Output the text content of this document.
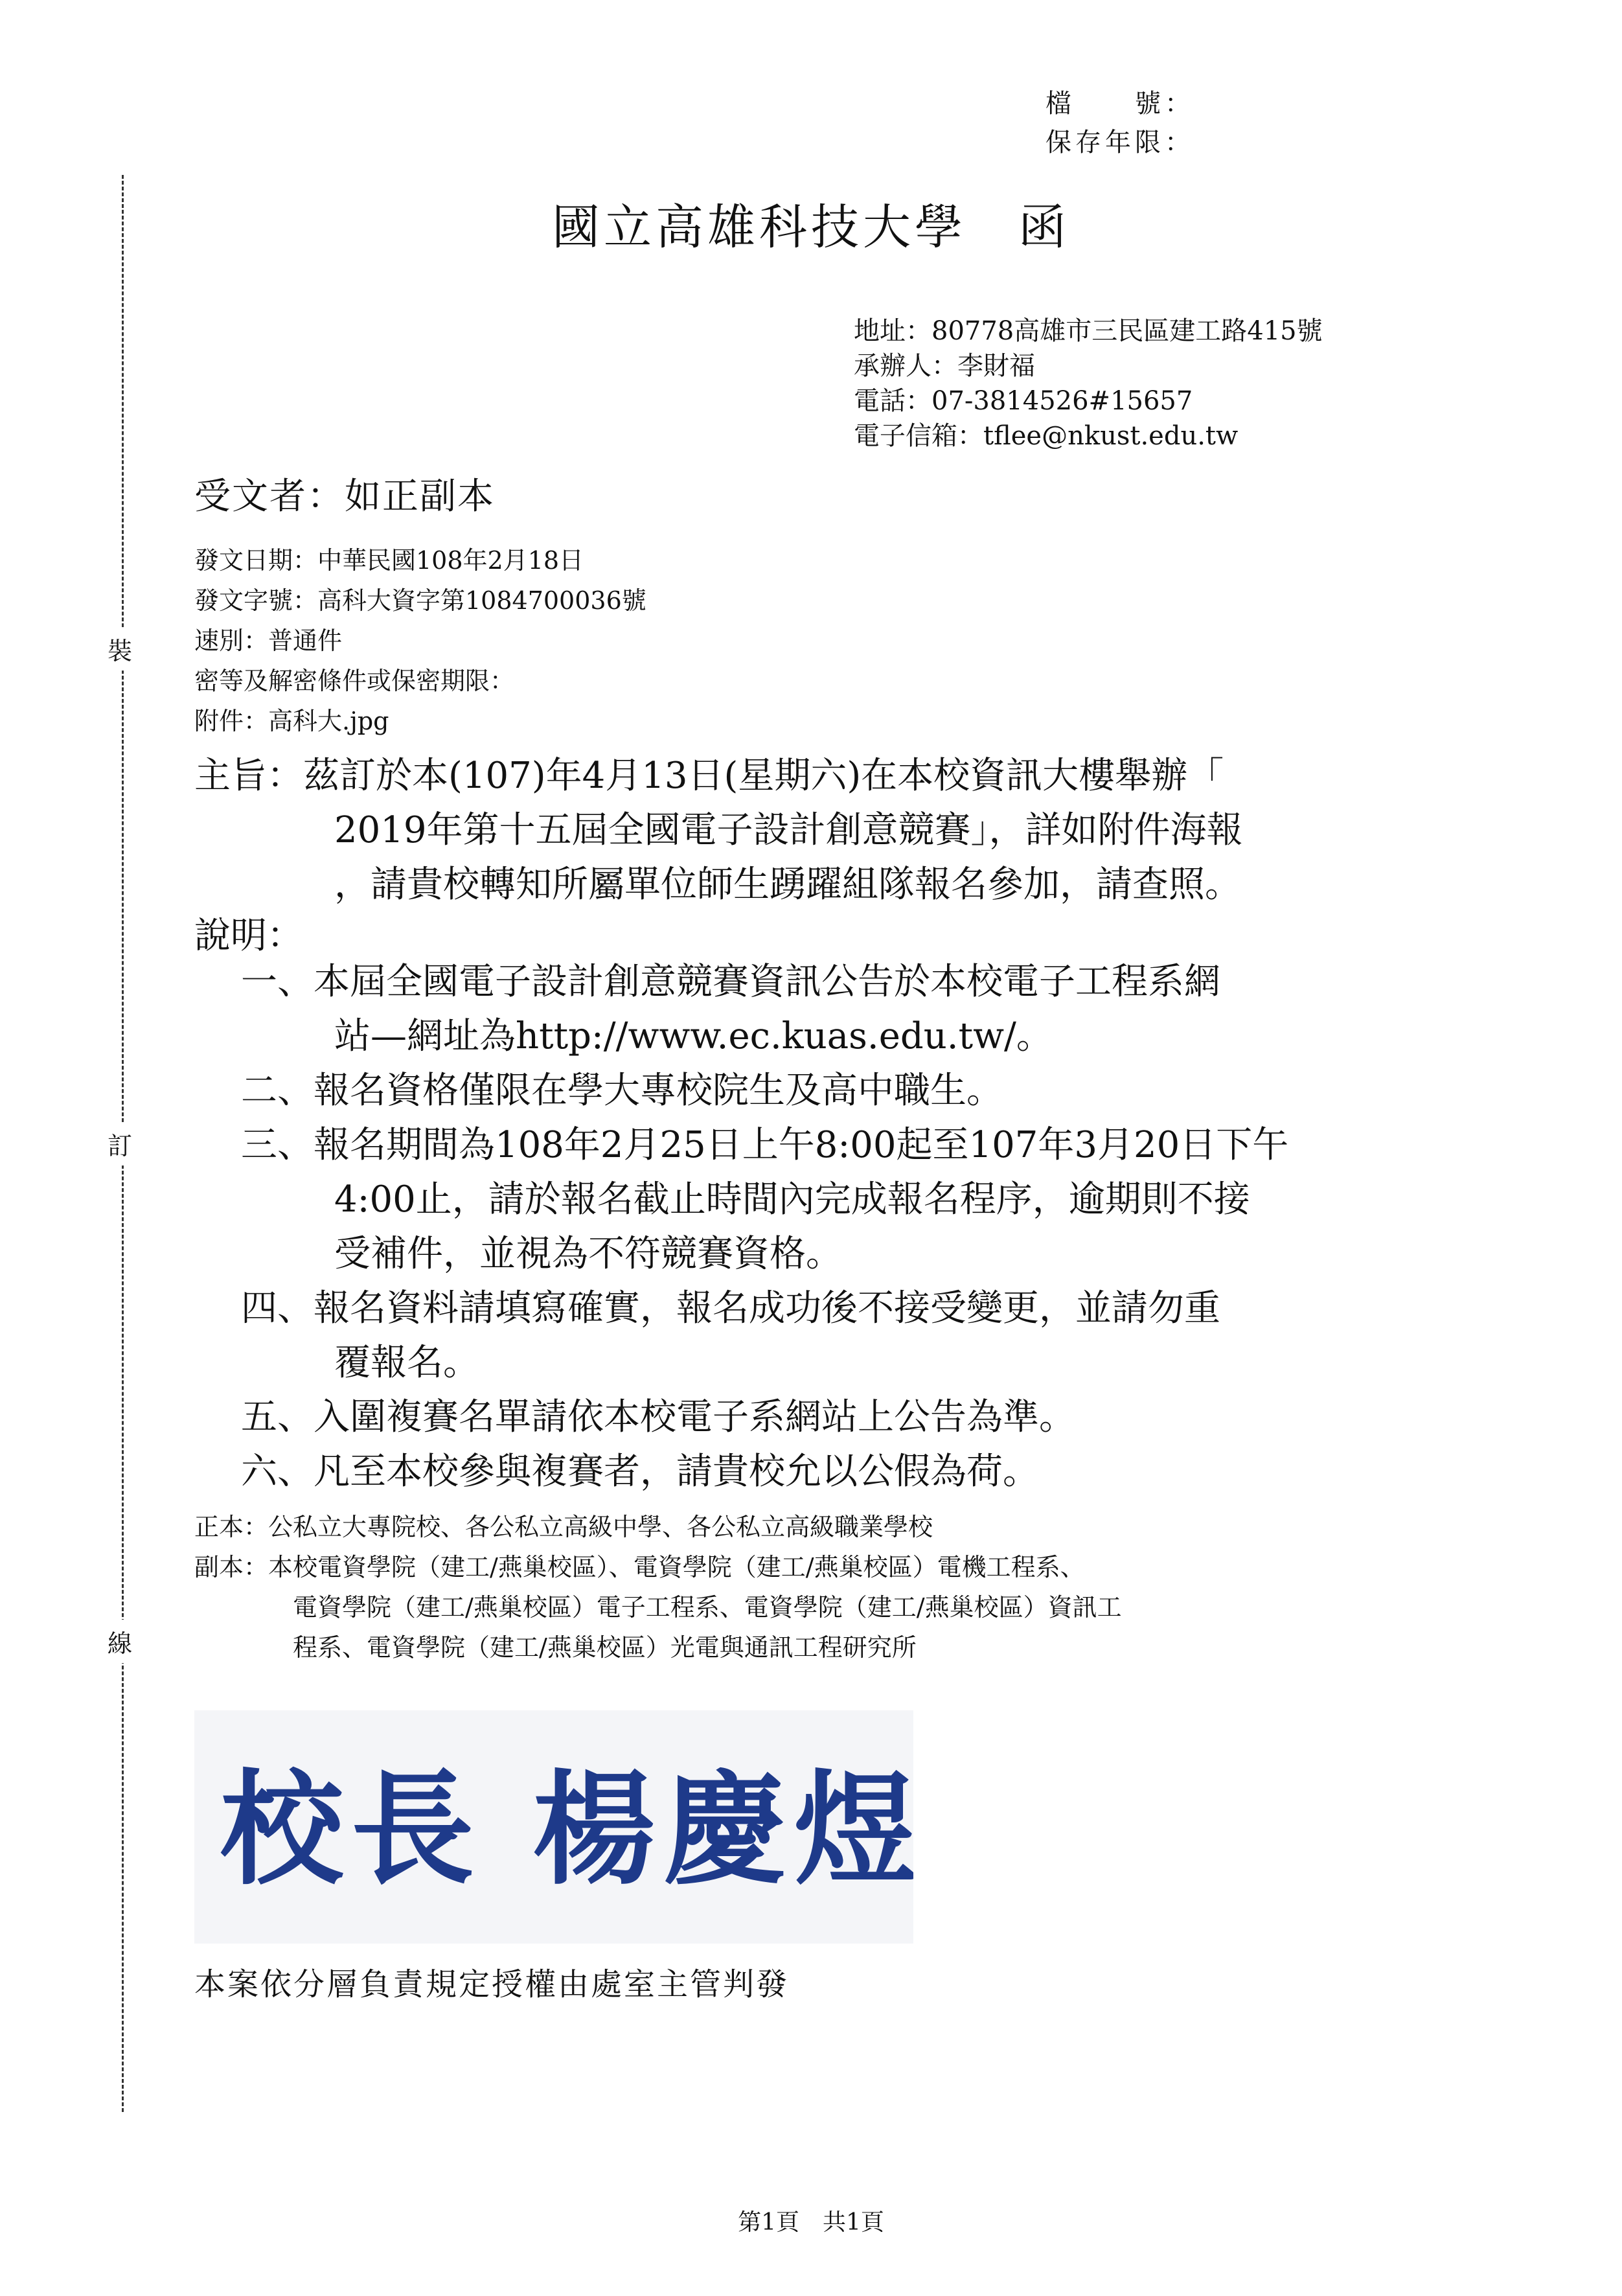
檔　　號：
保存年限：
裝
訂
線
國立高雄科技大學　函
地址：80778高雄市三民區建工路415號
承辦人：李財福
電話：07-3814526#15657
電子信箱：tflee@nkust.edu.tw
受文者：如正副本
發文日期：中華民國108年2月18日
發文字號：高科大資字第1084700036號
速別：普通件
密等及解密條件或保密期限：
附件：高科大.jpg
主旨：茲訂於本(107)年4月13日(星期六)在本校資訊大樓舉辦「
2019年第十五屆全國電子設計創意競賽」，詳如附件海報
，請貴校轉知所屬單位師生踴躍組隊報名參加，請查照。
說明：
一、本屆全國電子設計創意競賽資訊公告於本校電子工程系網
站—網址為http://www.ec.kuas.edu.tw/。
二、報名資格僅限在學大專校院生及高中職生。
三、報名期間為108年2月25日上午8:00起至107年3月20日下午
4:00止，請於報名截止時間內完成報名程序，逾期則不接
受補件，並視為不符競賽資格。
四、報名資料請填寫確實，報名成功後不接受變更，並請勿重
覆報名。
五、入圍複賽名單請依本校電子系網站上公告為準。
六、凡至本校參與複賽者，請貴校允以公假為荷。
正本：公私立大專院校、各公私立高級中學、各公私立高級職業學校
副本：本校電資學院（建工/燕巢校區）、電資學院（建工/燕巢校區）電機工程系、
電資學院（建工/燕巢校區）電子工程系、電資學院（建工/燕巢校區）資訊工
程系、電資學院（建工/燕巢校區）光電與通訊工程研究所
校長 楊慶煜
本案依分層負責規定授權由處室主管判發
第1頁　共1頁
